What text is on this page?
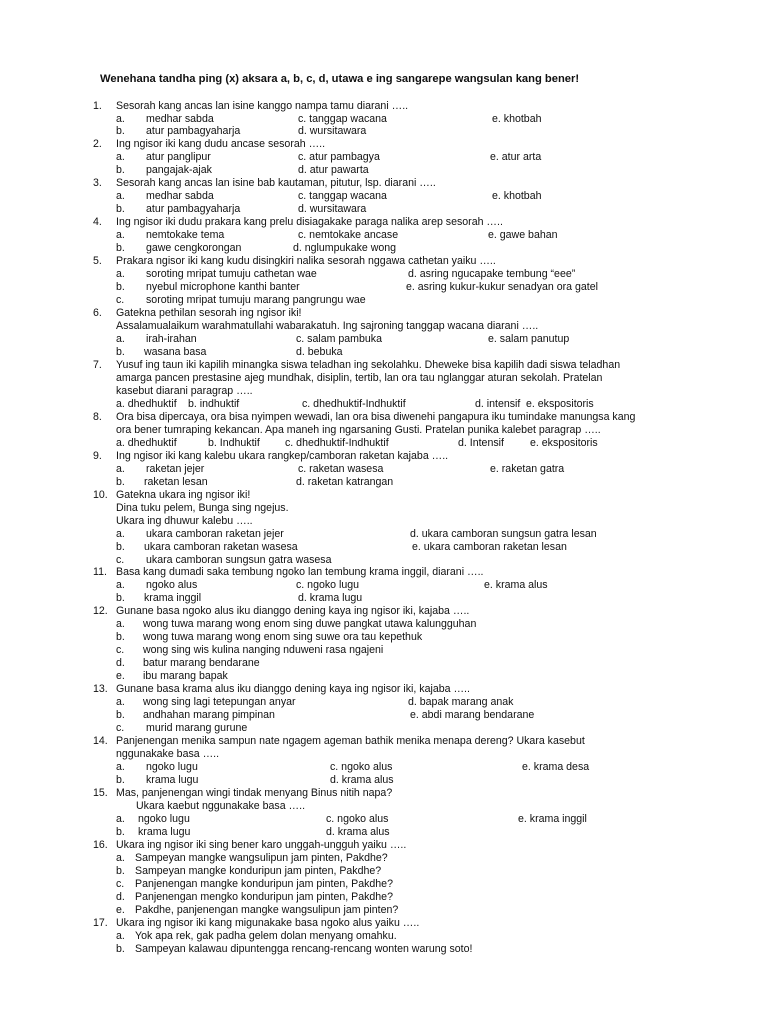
Wenehana tandha ping (x) aksara a, b, c, d, utawa e ing sangarepe wangsulan kang bener!
1. Sesorah kang ancas lan isine kanggo nampa tamu diarani …..
a. medhar sabda	c. tanggap wacana	e. khotbah
b. atur pambagyaharja	d. wursitawara
2. Ing ngisor iki kang dudu ancase sesorah …..
a. atur panglipur	c. atur pambagya	e. atur arta
b. pangajak-ajak	d. atur pawarta
3. Sesorah kang ancas lan isine bab kautaman, pitutur, lsp. diarani …..
a. medhar sabda	c. tanggap wacana	e. khotbah
b. atur pambagyaharja	d. wursitawara
4. Ing ngisor iki dudu prakara kang prelu disiagakake paraga nalika arep sesorah …..
a. nemtokake tema	c. nemtokake ancase	e. gawe bahan
b. gawe cengkorongan	d. nglumpukake wong
5. Prakara ngisor iki kang kudu disingkiri nalika sesorah nggawa cathetan yaiku …..
a. soroting mripat tumuju cathetan wae	d. asring ngucapake tembung “eee”
b. nyebul microphone kanthi banter	e. asring kukur-kukur senadyan ora gatel
c. soroting mripat tumuju marang pangrungu wae
6. Gatekna pethilan sesorah ing ngisor iki!
Assalamualaikum warahmatullahi wabarakatuh. Ing sajroning tanggap wacana diarani …..
a. irah-irahan	c. salam pambuka	e. salam panutup
b. wasana basa	d. bebuka
7. Yusuf ing taun iki kapilih minangka siswa teladhan ing sekolahku. Dheweke bisa kapilih dadi siswa teladhan
amarga pancen prestasine ajeg mundhak, disiplin, tertib, lan ora tau nglanggar aturan sekolah. Pratelan
kasebut diarani paragrap …..
a. dhedhuktif b. indhuktif	c. dhedhuktif-Indhuktif	d. intensif e. ekspositoris
8. Ora bisa dipercaya, ora bisa nyimpen wewadi, lan ora bisa diwenehi pangapura iku tumindake manungsa kang
ora bener tumraping kekancan. Apa maneh ing ngarsaning Gusti. Pratelan punika kalebet paragrap …..
a. dhedhuktif	b. Indhuktif c. dhedhuktif-Indhuktif	d. Intensif e. ekspositoris
9. Ing ngisor iki kang kalebu ukara rangkep/camboran raketan kajaba …..
a. raketan jejer	c. raketan wasesa	e. raketan gatra
b. raketan lesan	d. raketan katrangan
10. Gatekna ukara ing ngisor iki!
Dina tuku pelem, Bunga sing ngejus.
Ukara ing dhuwur kalebu …..
a. ukara camboran raketan jejer	d. ukara camboran sungsun gatra lesan
b. ukara camboran raketan wasesa	e. ukara camboran raketan lesan
c. ukara camboran sungsun gatra wasesa
11. Basa kang dumadi saka tembung ngoko lan tembung krama inggil, diarani …..
a. ngoko alus	c. ngoko lugu	e. krama alus
b. krama inggil	d. krama lugu
12. Gunane basa ngoko alus iku dianggo dening kaya ing ngisor iki, kajaba …..
a. wong tuwa marang wong enom sing duwe pangkat utawa kalungguhan
b. wong tuwa marang wong enom sing suwe ora tau kepethuk
c. wong sing wis kulina nanging nduweni rasa ngajeni
d. batur marang bendarane
e. ibu marang bapak
13. Gunane basa krama alus iku dianggo dening kaya ing ngisor iki, kajaba …..
a. wong sing lagi tetepungan anyar	d. bapak marang anak
b. andhahan marang pimpinan	e. abdi marang bendarane
c. murid marang gurune
14. Panjenengan menika sampun nate ngagem ageman bathik menika menapa dereng? Ukara kasebut
nggunakake basa …..
a. ngoko lugu	c. ngoko alus	e. krama desa
b. krama lugu	d. krama alus
15. Mas, panjenengan wingi tindak menyang Binus nitih napa?
Ukara kaebut nggunakake basa …..
a. ngoko lugu	c. ngoko alus	e. krama inggil
b. krama lugu	d. krama alus
16. Ukara ing ngisor iki sing bener karo unggah-ungguh yaiku …..
a. Sampeyan mangke wangsulipun jam pinten, Pakdhe?
b. Sampeyan mangke konduripun jam pinten, Pakdhe?
c. Panjenengan mangke konduripun jam pinten, Pakdhe?
d. Panjenengan mengko konduripun jam pinten, Pakdhe?
e. Pakdhe, panjenengan mangke wangsulipun jam pinten?
17. Ukara ing ngisor iki kang migunakake basa ngoko alus yaiku …..
a. Yok apa rek, gak padha gelem dolan menyang omahku.
b. Sampeyan kalawau dipuntengga rencang-rencang wonten warung soto!
